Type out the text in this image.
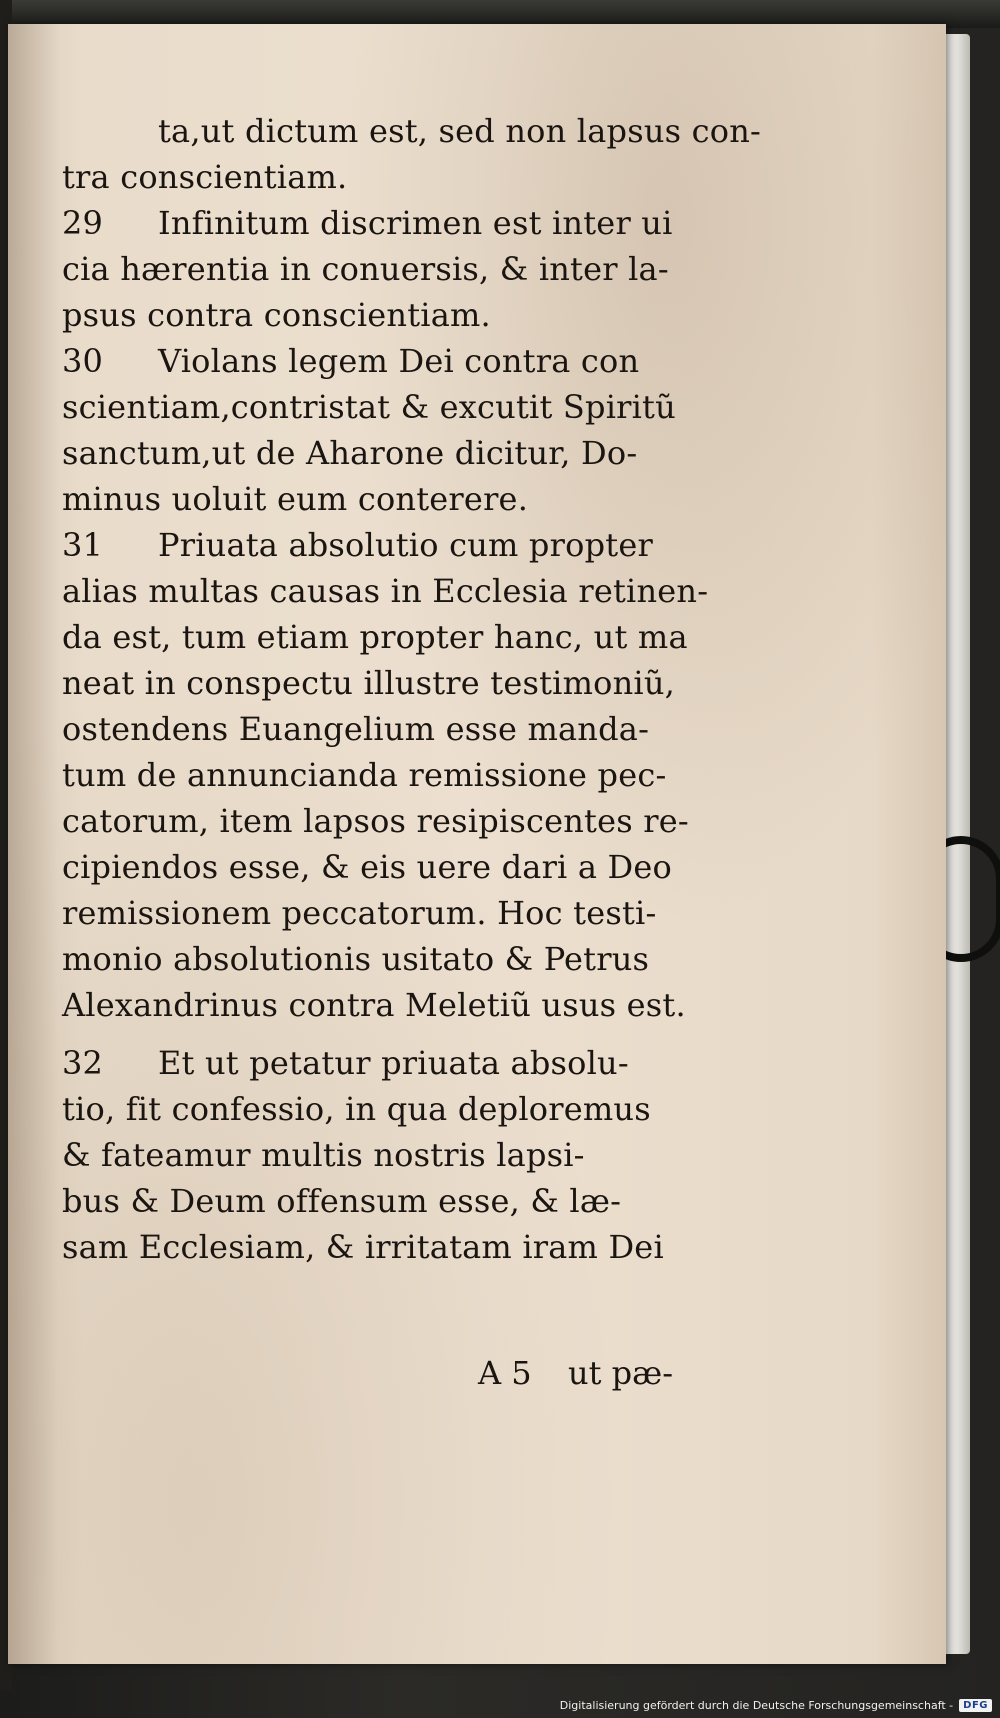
ta,ut dictum est, sed non lapsus con-
tra conscientiam.
29 Infinitum discrimen est inter ui
cia hærentia in conuersis, & inter la-
psus contra conscientiam.
30 Violans legem Dei contra con
scientiam,contristat & excutit Spiritũ
sanctum,ut de Aharone dicitur, Do-
minus uoluit eum conterere.
31 Priuata absolutio cum propter
alias multas causas in Ecclesia retinen-
da est, tum etiam propter hanc, ut ma
neat in conspectu illustre testimoniũ,
ostendens Euangelium esse manda-
tum de annuncianda remissione pec-
catorum, item lapsos resipiscentes re-
cipiendos esse, & eis uere dari a Deo
remissionem peccatorum. Hoc testi-
monio absolutionis usitato & Petrus
Alexandrinus contra Meletiũ usus est.
32 Et ut petatur priuata absolu-
tio, fit confessio, in qua deploremus
& fateamur multis nostris lapsi-
bus & Deum offensum esse, & læ-
sam Ecclesiam, & irritatam iram Dei
A 5 ut pæ-
Digitalisierung gefördert durch die Deutsche Forschungsgemeinschaft -	DFG
